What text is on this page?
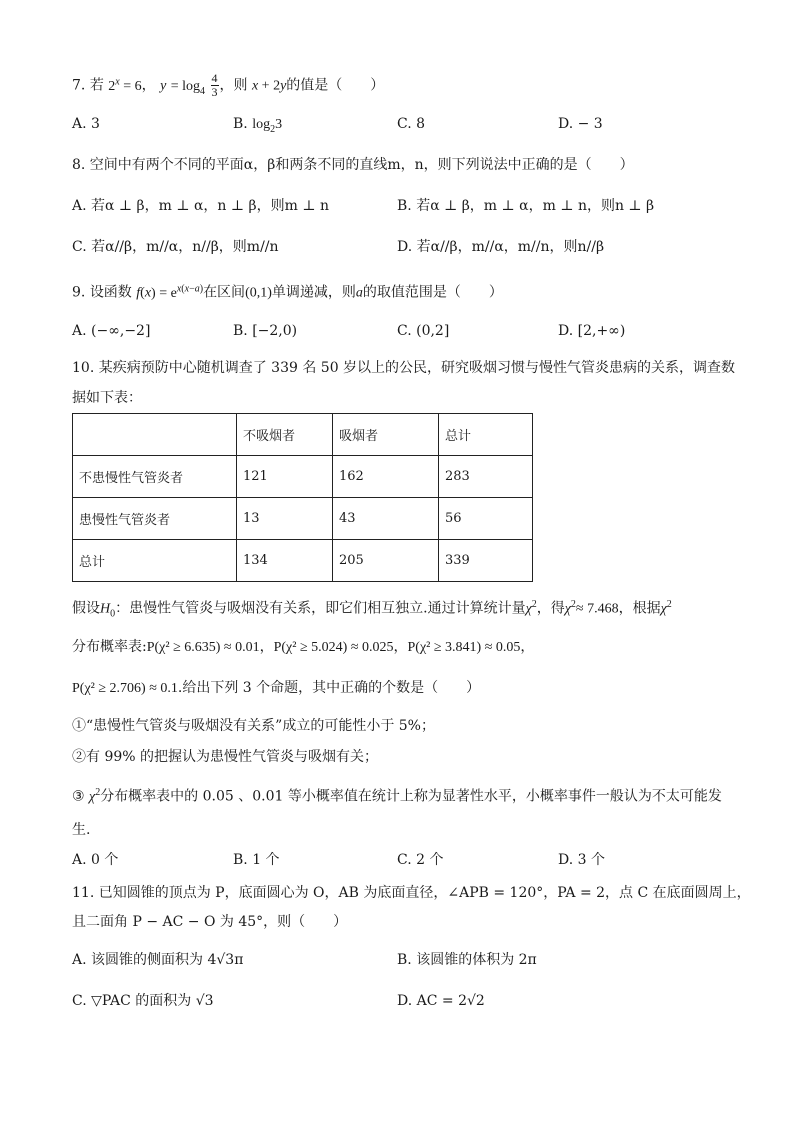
7. 若 $2^x = 6$， $y = \log_4 \frac{4}{3}$ ，则 x + 2y的值是（　　）
A. 3	B. $\log_23$	C. 8	D. − 3
8. 空间中有两个不同的平面α，β和两条不同的直线m，n，则下列说法中正确的是（　　）
A. 若α ⊥ β，m ⊥ α，n ⊥ β，则m ⊥ n	B. 若α ⊥ β，m ⊥ α，m ⊥ n，则n ⊥ β
C. 若α//β，m//α，n//β，则m//n	D. 若α//β，m//α，m//n，则n//β
9. 设函数 $f(x) = e^{x(x-a)}$在区间(0,1)单调递减，则a的取值范围是（　　）
A. (−∞,−2]	B. [−2,0)	C. (0,2]	D. [2,+∞)
10. 某疾病预防中心随机调查了 339 名 50 岁以上的公民，研究吸烟习惯与慢性气管炎患病的关系，调查数
据如下表：
	不吸烟者	吸烟者	总计
不患慢性气管炎者	121	162	283
患慢性气管炎者	13	43	56
总计	134	205	339
假设$H_0$：患慢性气管炎与吸烟没有关系，即它们相互独立.通过计算统计量$\chi^2$，得$\chi^2\approx 7.468$，根据$\chi^2$
分布概率表:P(χ² ≥ 6.635) ≈ 0.01，P(χ² ≥ 5.024) ≈ 0.025，P(χ² ≥ 3.841) ≈ 0.05，
P(χ² ≥ 2.706) ≈ 0.1.给出下列 3 个命题，其中正确的个数是（　　）
①“患慢性气管炎与吸烟没有关系”成立的可能性小于 5%；
②有 99% 的把握认为患慢性气管炎与吸烟有关；
③ $\chi^2$分布概率表中的 0.05 、0.01 等小概率值在统计上称为显著性水平，小概率事件一般认为不太可能发
生.
A. 0 个	B. 1 个	C. 2 个	D. 3 个
11. 已知圆锥的顶点为 P，底面圆心为 O，AB 为底面直径，∠APB = 120°，PA = 2，点 C 在底面圆周上，
且二面角 P − AC − O 为 45°，则（　　）
A. 该圆锥的侧面积为 4√3π	B. 该圆锥的体积为 2π
C. ▽PAC 的面积为 √3	D. AC = 2√2
